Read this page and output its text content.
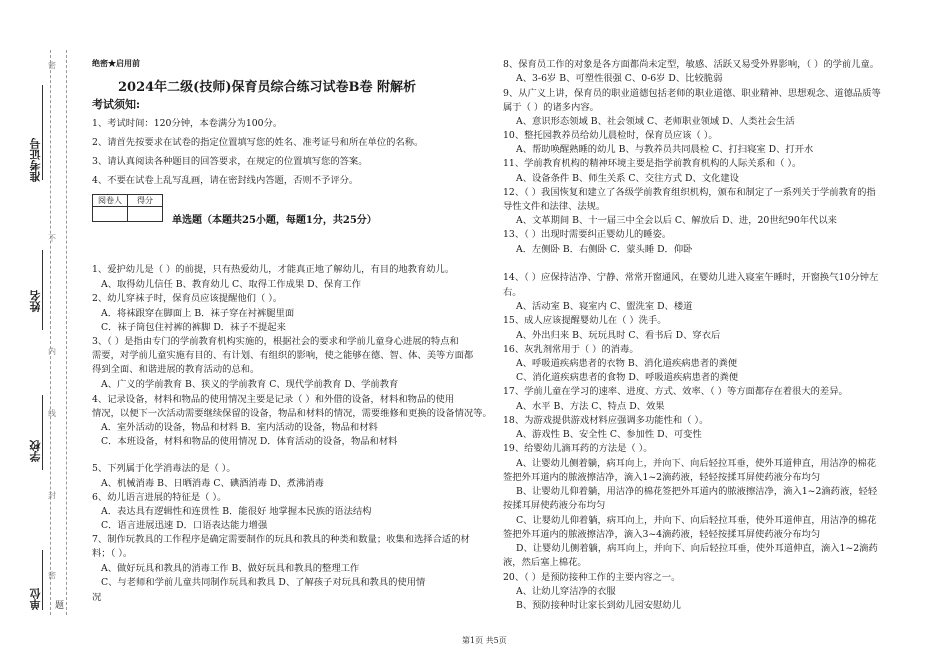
密
不
内
线
封
密
题
准考证号
姓名
学校
单位
绝密★启用前
2024年二级(技师)保育员综合练习试卷B卷 附解析
考试须知:
1、考试时间：120分钟，本卷满分为100分。
2、请首先按要求在试卷的指定位置填写您的姓名、准考证号和所在单位的名称。
3、请认真阅读各种题目的回答要求，在规定的位置填写您的答案。
4、不要在试卷上乱写乱画，请在密封线内答题，否则不予评分。
阅卷人	得分

单选题（本题共25小题，每题1分，共25分）
1、爱护幼儿是（ ）的前提，只有热爱幼儿，才能真正地了解幼儿，有目的地教育幼儿。
A、取得幼儿信任 B、教育幼儿 C、取得工作成果 D、保育工作
2、幼儿穿袜子时，保育员应该提醒他们（ ）。
A．将袜跟穿在脚面上 B．袜子穿在衬裤腿里面
C．袜子筒包住衬裤的裤脚 D．袜子不提起来
3、（ ）是指由专门的学前教育机构实施的，根据社会的要求和学前儿童身心进展的特点和
需要，对学前儿童实施有目的、有计划、有组织的影响，使之能够在德、智、体、美等方面都
得到全面、和谐进展的教育活动的总和。
A、广义的学前教育 B、狭义的学前教育 C、现代学前教育 D、学前教育
4、记录设备，材料和物品的使用情况主要是记录（ ）和外借的设备，材料和物品的使用
情况，以便下一次活动需要继续保留的设备，物品和材料的情况，需要维修和更换的设备情况等。
A．室外活动的设备，物品和材料 B．室内活动的设备，物品和材料
C．本班设备，材料和物品的使用情况 D．体育活动的设备，物品和材料
5、下列属于化学消毒法的是（ ）。
A、机械消毒 B、日晒消毒 C、碘酒消毒 D、煮沸消毒
6、幼儿语言进展的特征是（ ）。
A．表达具有逻辑性和连贯性 B．能很好 地掌握本民族的语法结构
C．语言进展迅速 D．口语表达能力增强
7、制作玩教具的工作程序是确定需要制作的玩具和教具的种类和数量；收集和选择合适的材
料；（ ）。
A、做好玩具和教具的消毒工作 B、做好玩具和教具的整理工作
C、与老师和学前儿童共同制作玩具和教具 D、了解孩子对玩具和教具的使用情
况
8、保育员工作的对象是各方面都尚未定型，敏感、活跃又易受外界影响，（ ）的学前儿童。
A、3-6岁 B、可塑性很强 C、0-6岁 D、比较脆弱
9、从广义上讲，保育员的职业道德包括老师的职业道德、职业精神、思想观念、道德品质等
属于（ ）的诸多内容。
A、意识形态领域 B、社会领域 C、老师职业领域 D、人类社会生活
10、整托园教养员给幼儿晨检时，保育员应该（ ）。
A、帮助唤醒熟睡的幼儿 B、与教养员共同晨检 C、打扫寝室 D、打开水
11、学前教育机构的精神环境主要是指学前教育机构的人际关系和（ ）。
A、设备条件 B、师生关系 C、交往方式 D、文化建设
12、（ ）我国恢复和建立了各级学前教育组织机构，颁布和制定了一系列关于学前教育的指
导性文件和法律、法规。
A、文革期间 B、十一届三中全会以后 C、解放后 D、进，20世纪90年代以来
13、（ ）出现时需要纠正婴幼儿的睡姿。
A．左侧卧 B．右侧卧 C．蒙头睡 D．仰卧
14、（ ）应保持洁净、宁静、常常开窗通风，在婴幼儿进入寝室午睡时，开窗换气10分钟左
右。
A、活动室 B、寝室内 C、盥洗室 D、楼道
15、成人应该提醒婴幼儿在（ ）洗手。
A、外出归来 B、玩玩具时 C、看书后 D、穿衣后
16、灰乳剂常用于（ ）的消毒。
A、呼吸道疾病患者的衣物 B、消化道疾病患者的粪便
C、消化道疾病患者的食物 D、呼吸道疾病患者的粪便
17、学前儿童在学习的速率、进度、方式、效率、（ ）等方面都存在着很大的差异。
A、水平 B、方法 C、特点 D、效果
18、为游戏提供游戏材料应强调多功能性和（ ）。
A、游戏性 B、安全性 C、参加性 D、可变性
19、给婴幼儿滴耳药的方法是（ ）。
A、让婴幼儿侧着躺，病耳向上，并向下、向后轻拉耳垂，使外耳道伸直，用洁净的棉花
签把外耳道内的脓液擦洁净，滴入1~2滴药液，轻轻按揉耳屏使药液分布均匀
B、让婴幼儿仰着躺，用洁净的棉花签把外耳道内的脓液擦洁净，滴入1~2滴药液，轻轻
按揉耳屏使药液分布均匀
C、让婴幼儿仰着躺，病耳向上，并向下、向后轻拉耳垂，使外耳道伸直，用洁净的棉花
签把外耳道内的脓液擦洁净，滴入3~4滴药液，轻轻按揉耳屏使药液分布均匀
D、让婴幼儿侧着躺，病耳向上，并向下、向后轻拉耳垂，使外耳道伸直，滴入1~2滴药
液，然后塞上棉花。
20、（ ）是预防接种工作的主要内容之一。
A、让幼儿穿洁净的衣服
B、预防接种时让家长到幼儿园安慰幼儿
第1页 共5页
